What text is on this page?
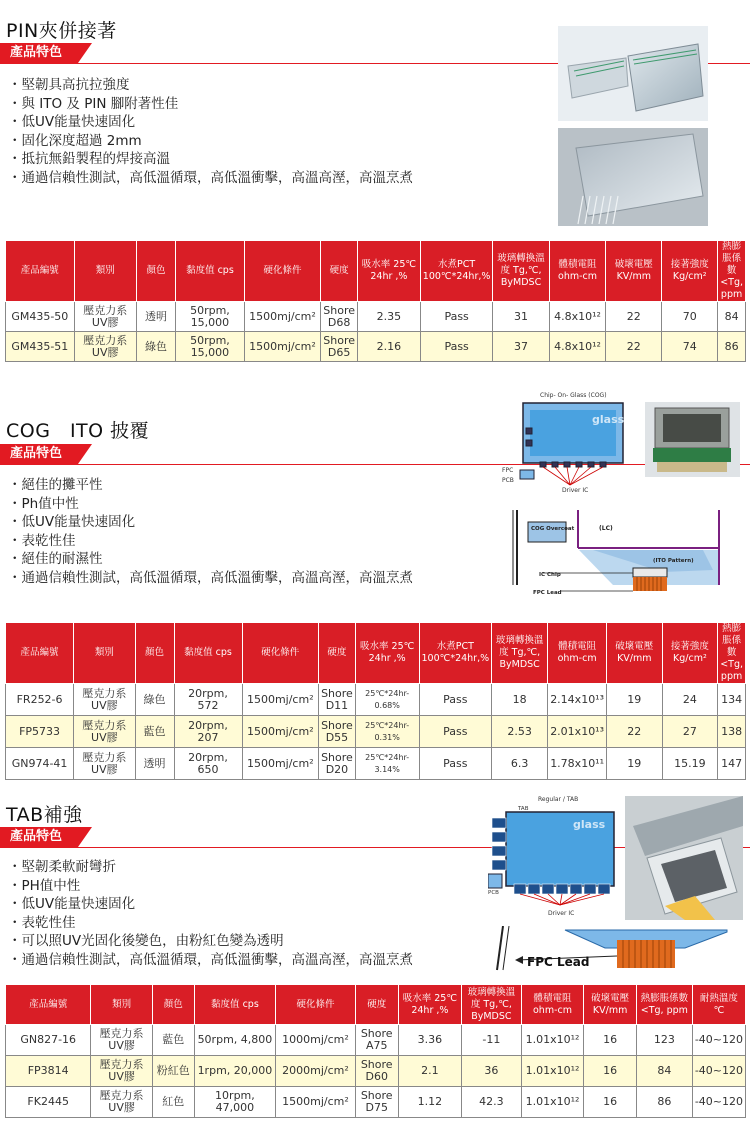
PIN夾併接著
產品特色
・ 堅韌具高抗拉強度
・ 與 ITO 及 PIN 腳附著性佳
・ 低UV能量快速固化
・ 固化深度超過 2mm
・ 抵抗無鉛製程的焊接高溫
・ 通過信賴性測試，高低溫循環，高低溫衝擊，高溫高溼，高溫烹煮
產品編號	類別	顏色	黏度值 cps	硬化條件	硬度	吸水率 25℃ 24hr ,%	水煮PCT 100℃*24hr,%	玻璃轉換溫度 Tg,℃, ByMDSC	體積電阻 ohm-cm	破壞電壓 KV/mm	接著強度 Kg/cm²	熱膨脹係數 <Tg, ppm
GM435-50	壓克力系 UV膠	透明	50rpm, 15,000	1500mj/cm²	Shore D68	2.35	Pass	31	4.8x10¹²	22	70	84
GM435-51	壓克力系 UV膠	綠色	50rpm, 15,000	1500mj/cm²	Shore D65	2.16	Pass	37	4.8x10¹²	22	74	86
COG　ITO 披覆
產品特色
・ 絕佳的攤平性
・ Ph值中性
・ 低UV能量快速固化
・ 表乾性佳
・ 絕佳的耐濕性
・ 通過信賴性測試，高低溫循環，高低溫衝擊，高溫高溼，高溫烹煮
Chip- On- Glass (COG)
glass
FPC
PCB
Driver IC
(LC)
COG Overcoat
(ITO Pattern)
IC Chip
FPC Lead
產品編號	類別	顏色	黏度值 cps	硬化條件	硬度	吸水率 25℃ 24hr ,%	水煮PCT 100℃*24hr,%	玻璃轉換溫度 Tg,℃, ByMDSC	體積電阻 ohm-cm	破壞電壓 KV/mm	接著強度 Kg/cm²	熱膨脹係數 <Tg, ppm
FR252-6	壓克力系 UV膠	綠色	20rpm, 572	1500mj/cm²	Shore D11	25℃*24hr- 0.68%	Pass	18	2.14x10¹³	19	24	134
FP5733	壓克力系 UV膠	藍色	20rpm, 207	1500mj/cm²	Shore D55	25℃*24hr- 0.31%	Pass	2.53	2.01x10¹³	22	27	138
GN974-41	壓克力系 UV膠	透明	20rpm, 650	1500mj/cm²	Shore D20	25℃*24hr- 3.14%	Pass	6.3	1.78x10¹¹	19	15.19	147
TAB補強
產品特色
・ 堅韌柔軟耐彎折
・ PH值中性
・ 低UV能量快速固化
・ 表乾性佳
・ 可以照UV光固化後變色，由粉紅色變為透明
・ 通過信賴性測試，高低溫循環，高低溫衝擊，高溫高溼，高溫烹煮
Regular / TAB
TAB
glass
PCB
Driver IC
FPC Lead
產品編號	類別	顏色	黏度值 cps	硬化條件	硬度	吸水率 25℃ 24hr ,%	玻璃轉換溫度 Tg,℃, ByMDSC	體積電阻 ohm-cm	破壞電壓 KV/mm	熱膨脹係數 <Tg, ppm	耐熱溫度 ℃
GN827-16	壓克力系 UV膠	藍色	50rpm, 4,800	1000mj/cm²	Shore A75	3.36	-11	1.01x10¹²	16	123	-40~120
FP3814	壓克力系 UV膠	粉紅色	1rpm, 20,000	2000mj/cm²	Shore D60	2.1	36	1.01x10¹²	16	84	-40~120
FK2445	壓克力系 UV膠	紅色	10rpm, 47,000	1500mj/cm²	Shore D75	1.12	42.3	1.01x10¹²	16	86	-40~120
